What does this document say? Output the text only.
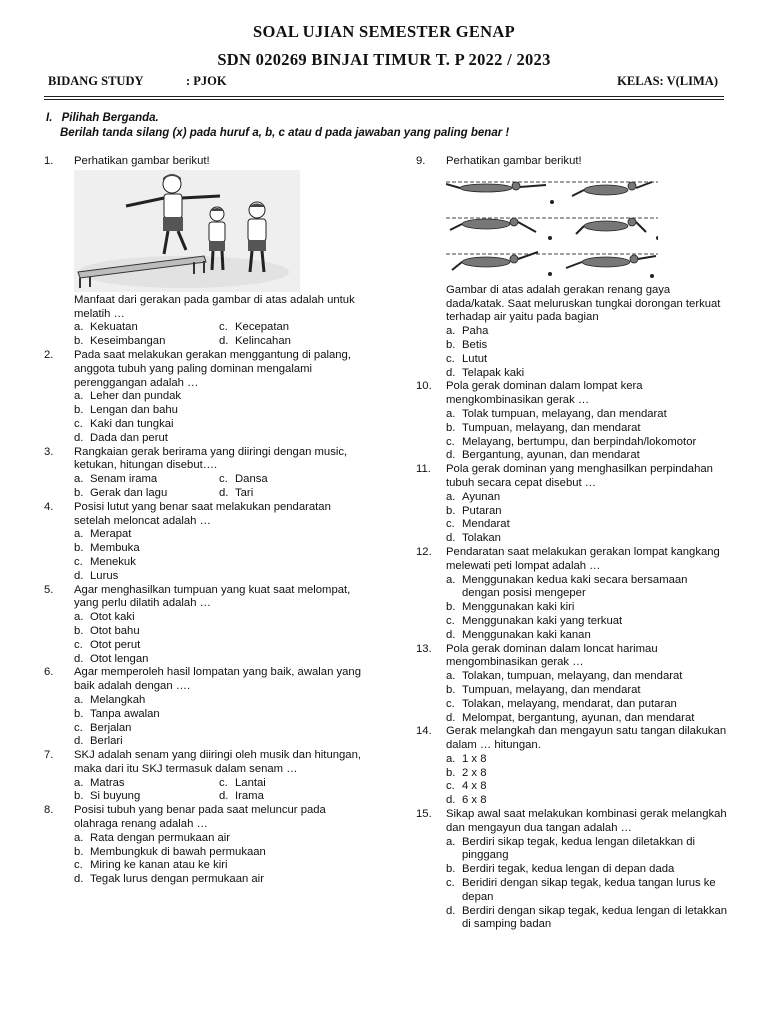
SOAL UJIAN SEMESTER GENAP
SDN 020269 BINJAI TIMUR T. P 2022 / 2023
BIDANG STUDY	: PJOK	KELAS: V(LIMA)
I. Pilihah Berganda.
Berilah tanda silang (x) pada huruf a, b, c atau d pada jawaban yang paling benar !
1. Perhatikan gambar berikut!
Manfaat dari gerakan pada gambar di atas adalah untuk melatih …
a. Kekuatan	c. Kecepatan
b. Keseimbangan	d. Kelincahan
2. Pada saat melakukan gerakan menggantung di palang, anggota tubuh yang paling dominan mengalami perenggangan adalah …
a. Leher dan pundak
b. Lengan dan bahu
c. Kaki dan tungkai
d. Dada dan perut
3. Rangkaian gerak berirama yang diiringi dengan music, ketukan, hitungan disebut….
a. Senam irama	c. Dansa
b. Gerak dan lagu	d. Tari
4. Posisi lutut yang benar saat melakukan pendaratan setelah meloncat adalah …
a. Merapat
b. Membuka
c. Menekuk
d. Lurus
5. Agar menghasilkan tumpuan yang kuat saat melompat, yang perlu dilatih adalah …
a. Otot kaki
b. Otot bahu
c. Otot perut
d. Otot lengan
6. Agar memperoleh hasil lompatan yang baik, awalan yang baik adalah dengan ….
a. Melangkah
b. Tanpa awalan
c. Berjalan
d. Berlari
7. SKJ adalah senam yang diiringi oleh musik dan hitungan, maka dari itu SKJ termasuk dalam senam …
a. Matras	c. Lantai
b. Si buyung	d. Irama
8. Posisi tubuh yang benar pada saat meluncur pada olahraga renang adalah …
a. Rata dengan permukaan air
b. Membungkuk di bawah permukaan
c. Miring ke kanan atau ke kiri
d. Tegak lurus dengan permukaan air
9. Perhatikan gambar berikut!
Gambar di atas adalah gerakan renang gaya dada/katak. Saat meluruskan tungkai dorongan terkuat terhadap air yaitu pada bagian
a. Paha
b. Betis
c. Lutut
d. Telapak kaki
10. Pola gerak dominan dalam lompat kera mengkombinasikan gerak …
a. Tolak tumpuan, melayang, dan mendarat
b. Tumpuan, melayang, dan mendarat
c. Melayang, bertumpu, dan berpindah/lokomotor
d. Bergantung, ayunan, dan mendarat
11. Pola gerak dominan yang menghasilkan perpindahan tubuh secara cepat disebut …
a. Ayunan
b. Putaran
c. Mendarat
d. Tolakan
12. Pendaratan saat melakukan gerakan lompat kangkang melewati peti lompat adalah …
a. Menggunakan kedua kaki secara bersamaan dengan posisi mengeper
b. Menggunakan kaki kiri
c. Menggunakan kaki yang terkuat
d. Menggunakan kaki kanan
13. Pola gerak dominan dalam loncat harimau mengombinasikan gerak …
a. Tolakan, tumpuan, melayang, dan mendarat
b. Tumpuan, melayang, dan mendarat
c. Tolakan, melayang, mendarat, dan putaran
d. Melompat, bergantung, ayunan, dan mendarat
14. Gerak melangkah dan mengayun satu tangan dilakukan dalam … hitungan.
a. 1 x 8
b. 2 x 8
c. 4 x 8
d. 6 x 8
15. Sikap awal saat melakukan kombinasi gerak melangkah dan mengayun dua tangan adalah …
a. Berdiri sikap tegak, kedua lengan diletakkan di pinggang
b. Berdiri tegak, kedua lengan di depan dada
c. Beridiri dengan sikap tegak, kedua tangan lurus ke depan
d. Berdiri dengan sikap tegak, kedua lengan di letakkan di samping badan
